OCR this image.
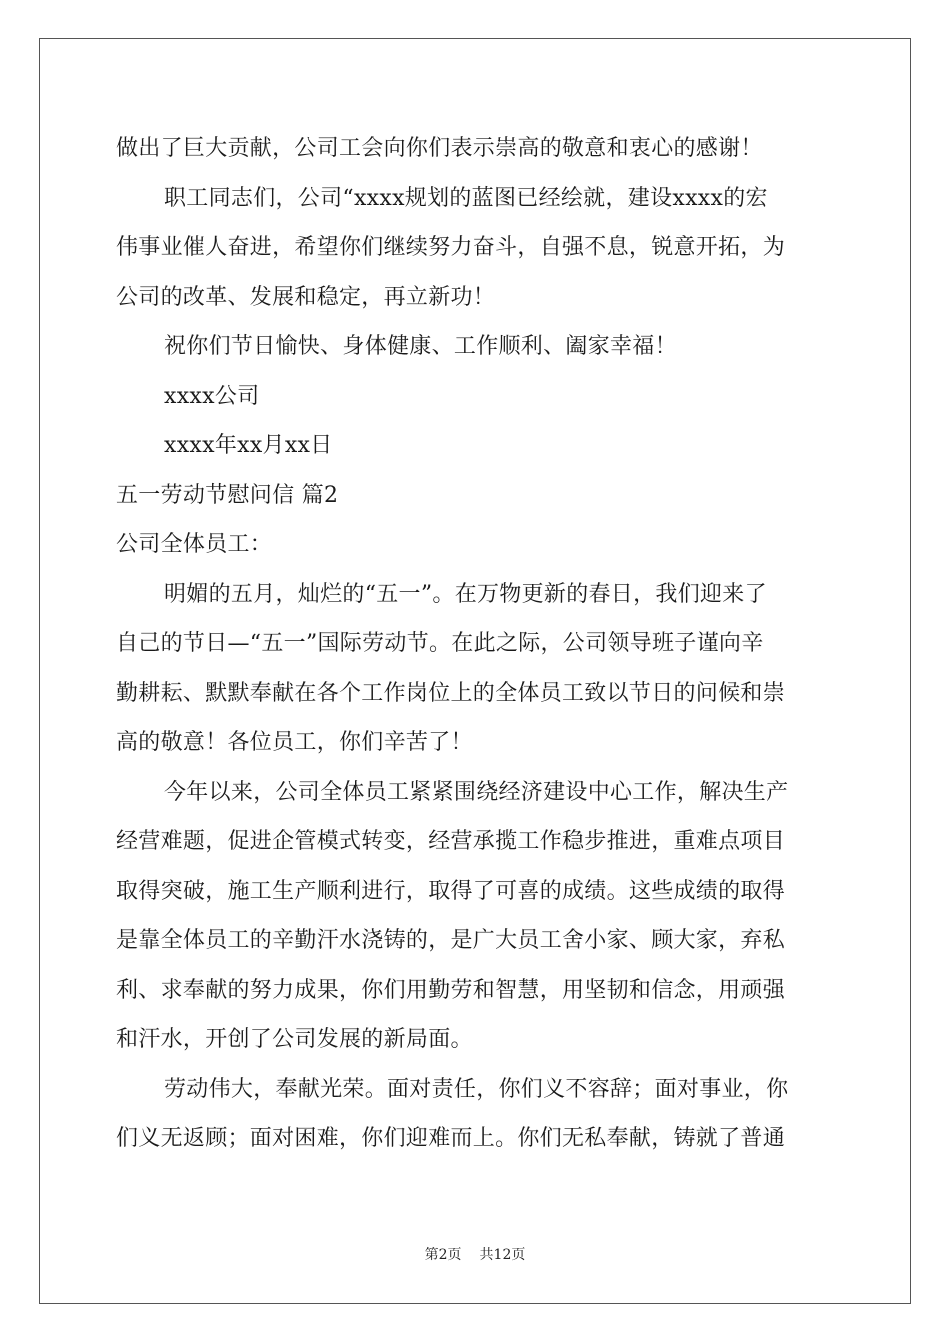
做出了巨大贡献，公司工会向你们表示崇高的敬意和衷心的感谢！
职工同志们，公司“xxxx规划的蓝图已经绘就，建设xxxx的宏
伟事业催人奋进，希望你们继续努力奋斗，自强不息，锐意开拓，为
公司的改革、发展和稳定，再立新功！
祝你们节日愉快、身体健康、工作顺利、阖家幸福！
xxxx公司
xxxx年xx月xx日
五一劳动节慰问信 篇2
公司全体员工：
明媚的五月，灿烂的“五一”。在万物更新的春日，我们迎来了
自己的节日—“五一”国际劳动节。在此之际，公司领导班子谨向辛
勤耕耘、默默奉献在各个工作岗位上的全体员工致以节日的问候和崇
高的敬意！各位员工，你们辛苦了！
今年以来，公司全体员工紧紧围绕经济建设中心工作，解决生产
经营难题，促进企管模式转变，经营承揽工作稳步推进，重难点项目
取得突破，施工生产顺利进行，取得了可喜的成绩。这些成绩的取得
是靠全体员工的辛勤汗水浇铸的，是广大员工舍小家、顾大家，弃私
利、求奉献的努力成果，你们用勤劳和智慧，用坚韧和信念，用顽强
和汗水，开创了公司发展的新局面。
劳动伟大，奉献光荣。面对责任，你们义不容辞；面对事业，你
们义无返顾；面对困难，你们迎难而上。你们无私奉献，铸就了普通
第2页 共12页
